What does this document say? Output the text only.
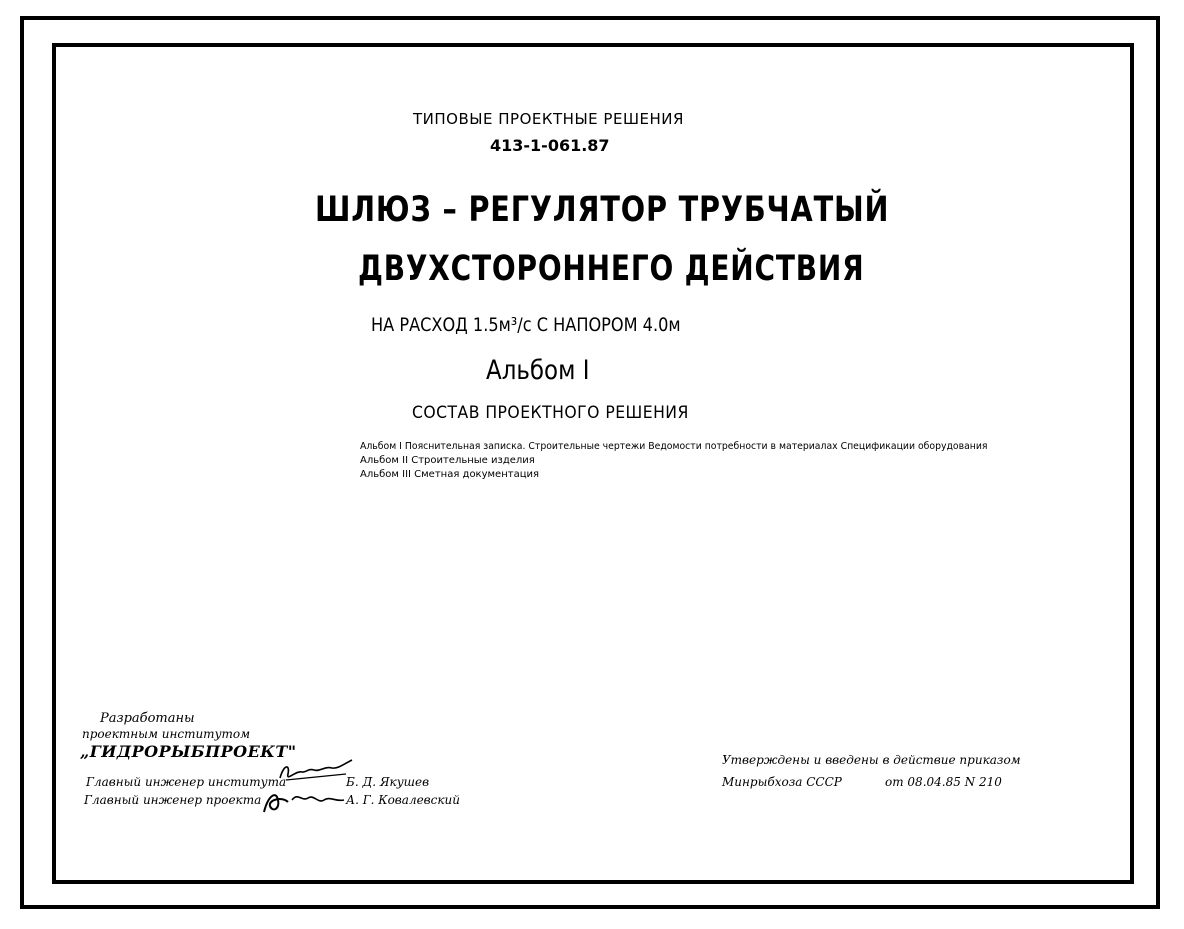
ТИПОВЫЕ ПРОЕКТНЫЕ РЕШЕНИЯ
413-1-061.87
ШЛЮЗ – РЕГУЛЯТОР ТРУБЧАТЫЙ
ДВУХСТОРОННЕГО ДЕЙСТВИЯ
НА РАСХОД 1.5м³/с С НАПОРОМ 4.0м
Альбом I
СОСТАВ ПРОЕКТНОГО РЕШЕНИЯ
Альбом I Пояснительная записка. Строительные чертежи Ведомости потребности в материалах Спецификации оборудования
Альбом II Строительные изделия
Альбом III Сметная документация
Разработаны
проектным институтом
„ГИДРОРЫБПРОЕКТ"
Главный инженер института
Главный инженер проекта
Б. Д. Якушев
А. Г. Ковалевский
Утверждены и введены в действие приказом
Минрыбхоза СССР	от 08.04.85 N 210
